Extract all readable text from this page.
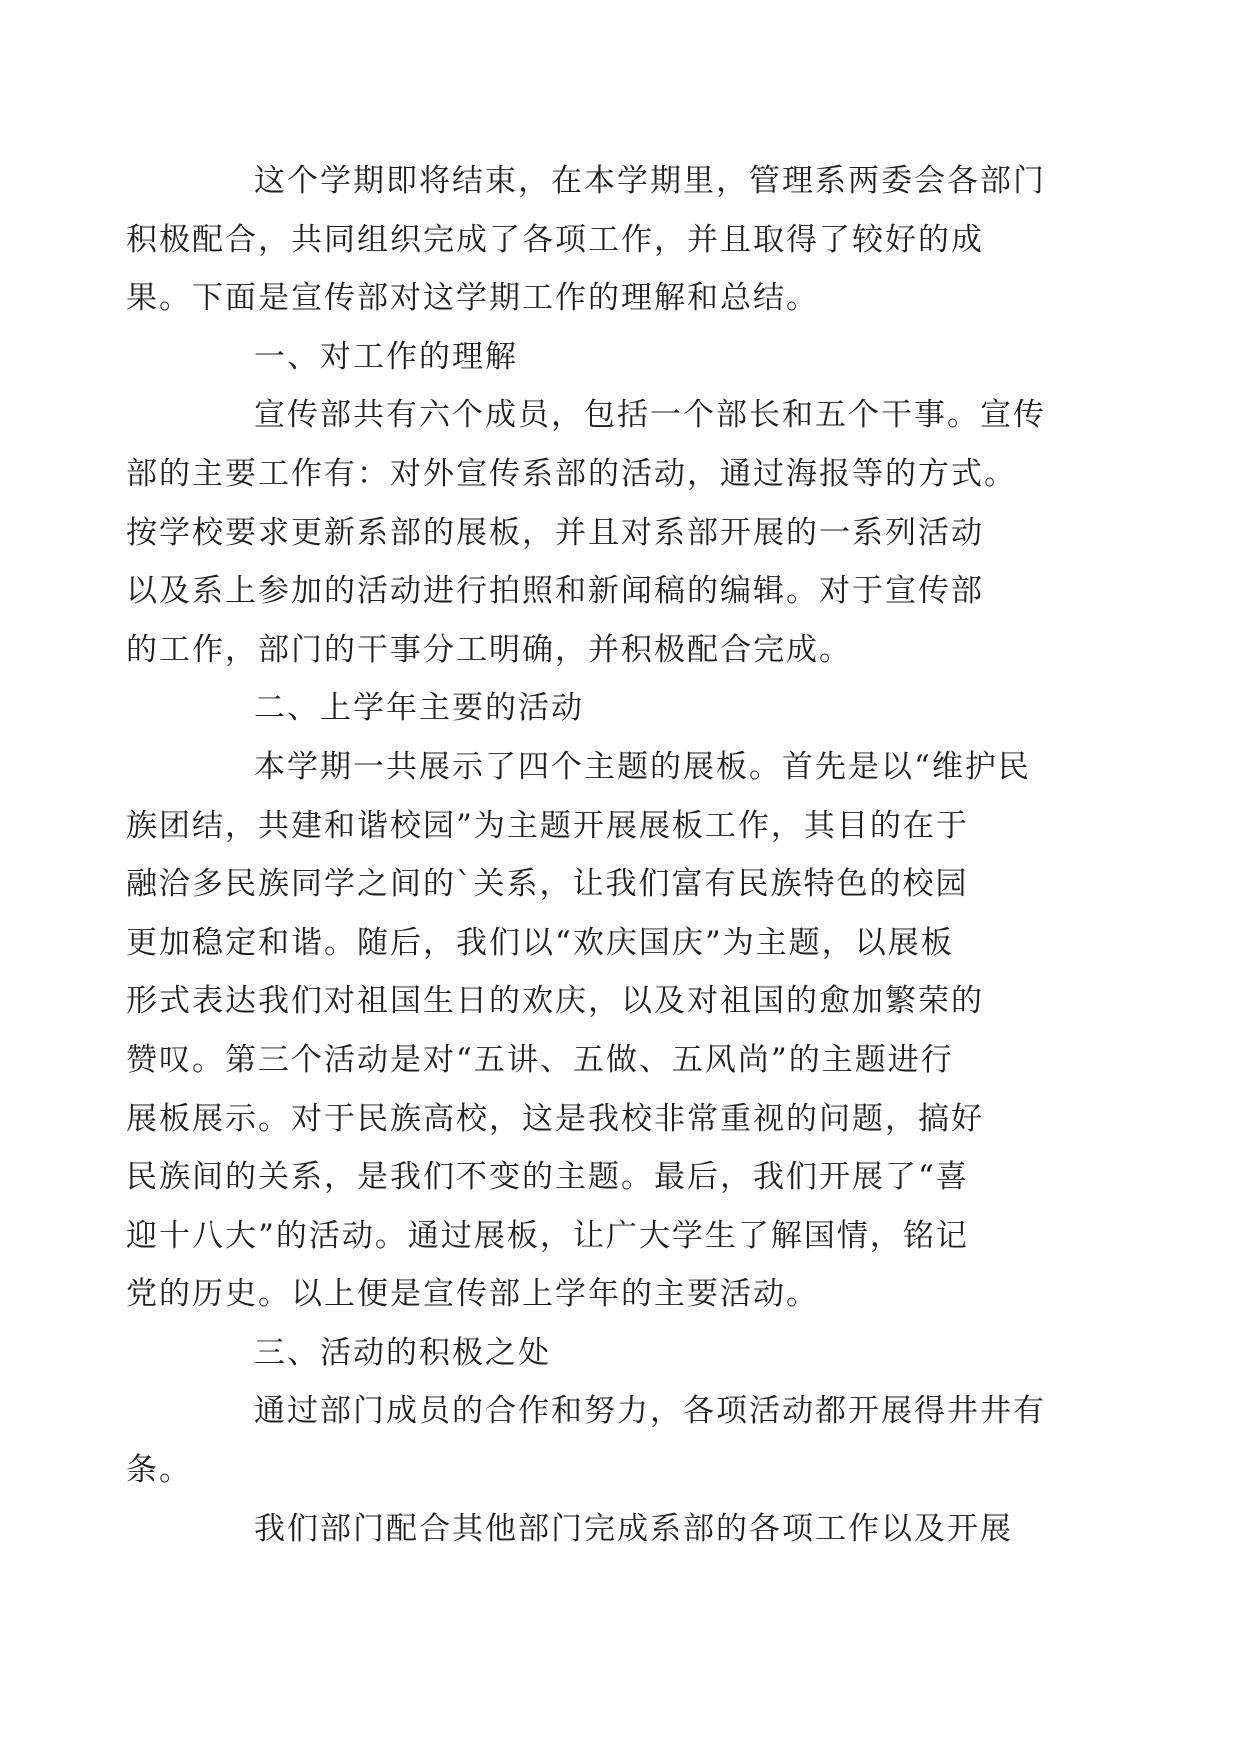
这个学期即将结束，在本学期里，管理系两委会各部门
积极配合，共同组织完成了各项工作，并且取得了较好的成
果。下面是宣传部对这学期工作的理解和总结。

一、对工作的理解

宣传部共有六个成员，包括一个部长和五个干事。宣传
部的主要工作有：对外宣传系部的活动，通过海报等的方式。
按学校要求更新系部的展板，并且对系部开展的一系列活动
以及系上参加的活动进行拍照和新闻稿的编辑。对于宣传部
的工作，部门的干事分工明确，并积极配合完成。

二、上学年主要的活动

本学期一共展示了四个主题的展板。首先是以“维护民
族团结，共建和谐校园”为主题开展展板工作，其目的在于
融洽多民族同学之间的`关系，让我们富有民族特色的校园
更加稳定和谐。随后，我们以“欢庆国庆”为主题，以展板
形式表达我们对祖国生日的欢庆，以及对祖国的愈加繁荣的
赞叹。第三个活动是对“五讲、五做、五风尚”的主题进行
展板展示。对于民族高校，这是我校非常重视的问题，搞好
民族间的关系，是我们不变的主题。最后，我们开展了“喜
迎十八大”的活动。通过展板，让广大学生了解国情，铭记
党的历史。以上便是宣传部上学年的主要活动。

三、活动的积极之处

通过部门成员的合作和努力，各项活动都开展得井井有
条。

我们部门配合其他部门完成系部的各项工作以及开展
